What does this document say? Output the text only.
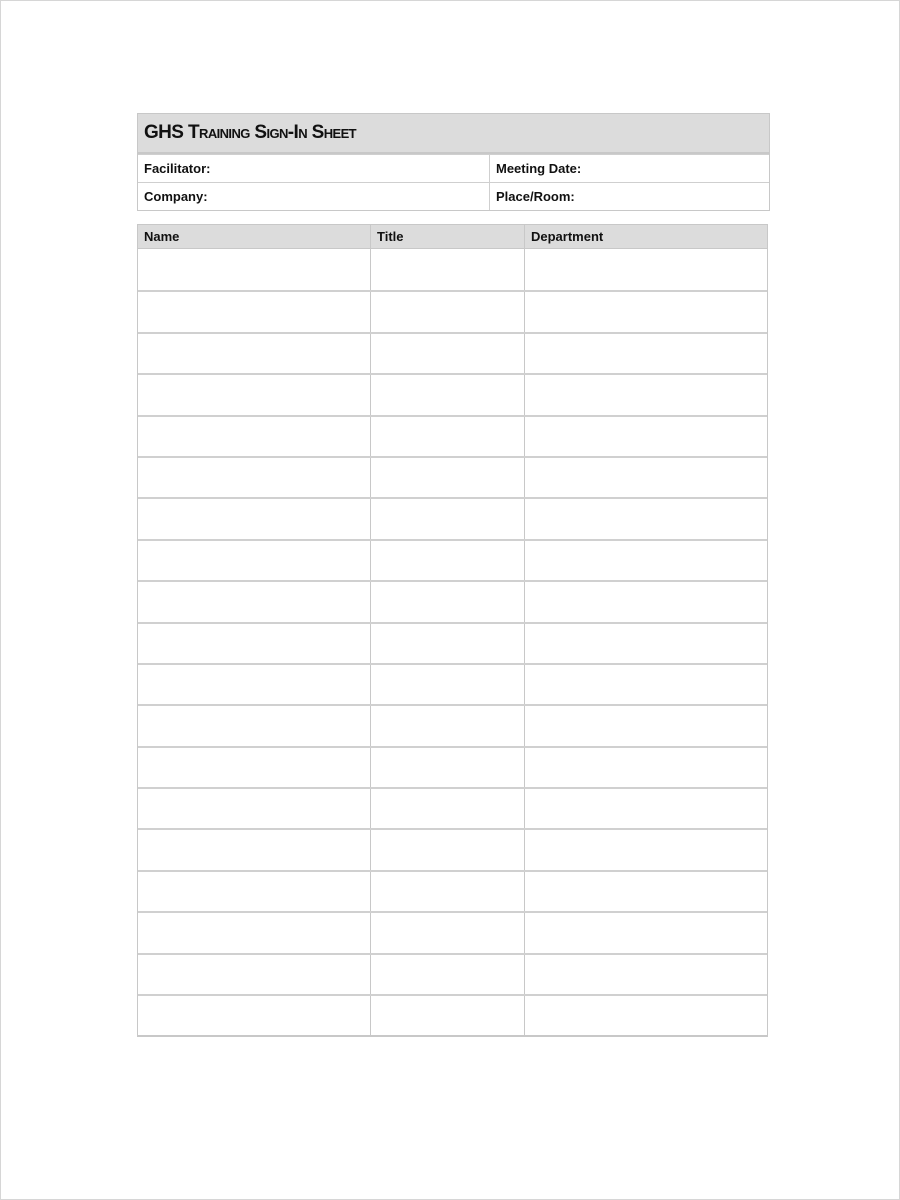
GHS Training Sign-In Sheet
Facilitator:	Meeting Date:
Company:	Place/Room:
Name	Title	Department
